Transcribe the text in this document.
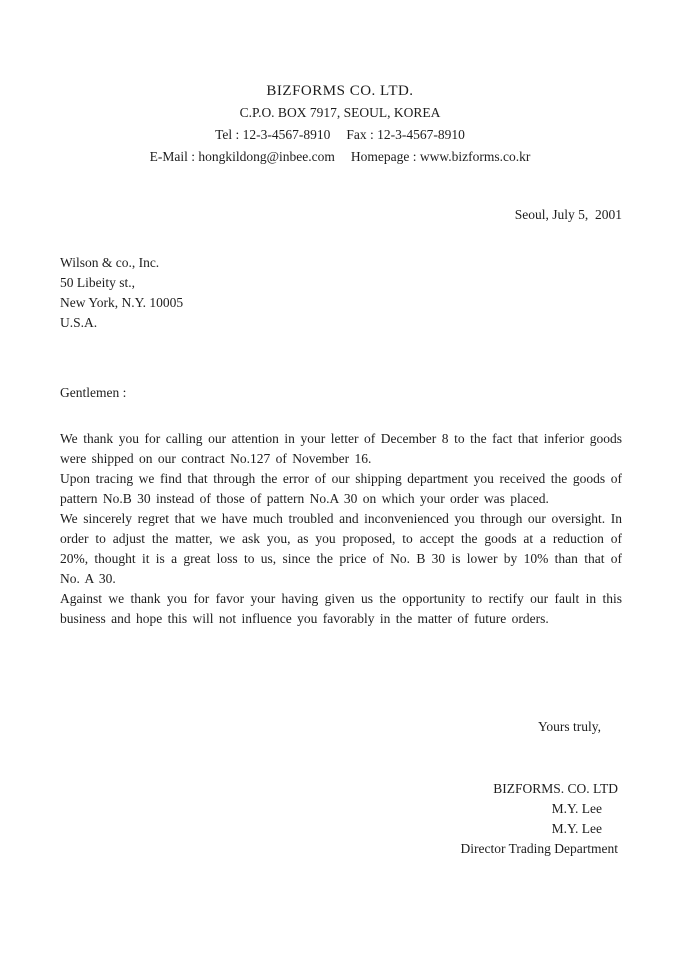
BIZFORMS CO. LTD.
C.P.O. BOX 7917, SEOUL, KOREA
Tel : 12-3-4567-8910 Fax : 12-3-4567-8910
E-Mail : hongkildong@inbee.com Homepage : www.bizforms.co.kr
Seoul, July 5,  2001
Wilson & co., Inc.
50 Libeity st.,
New York, N.Y. 10005
U.S.A.
Gentlemen :

We thank you for calling our attention in your letter of December 8 to the fact that inferior goods were shipped on our contract No.127 of November 16.

Upon tracing we find that through the error of our shipping department you received the goods of pattern No.B 30 instead of those of pattern No.A 30 on which your order was placed.

We sincerely regret that we have much troubled and inconvenienced you through our oversight. In order to adjust the matter, we ask you, as you proposed, to accept the goods at a reduction of 20%, thought it is a great loss to us, since the price of No. B 30 is lower by 10% than that of No. A 30.

Against we thank you for favor your having given us the opportunity to rectify our fault in this business and hope this will not influence you favorably in the matter of future orders.

Yours truly,
BIZFORMS. CO. LTD
M.Y. Lee
M.Y. Lee
Director Trading Department
